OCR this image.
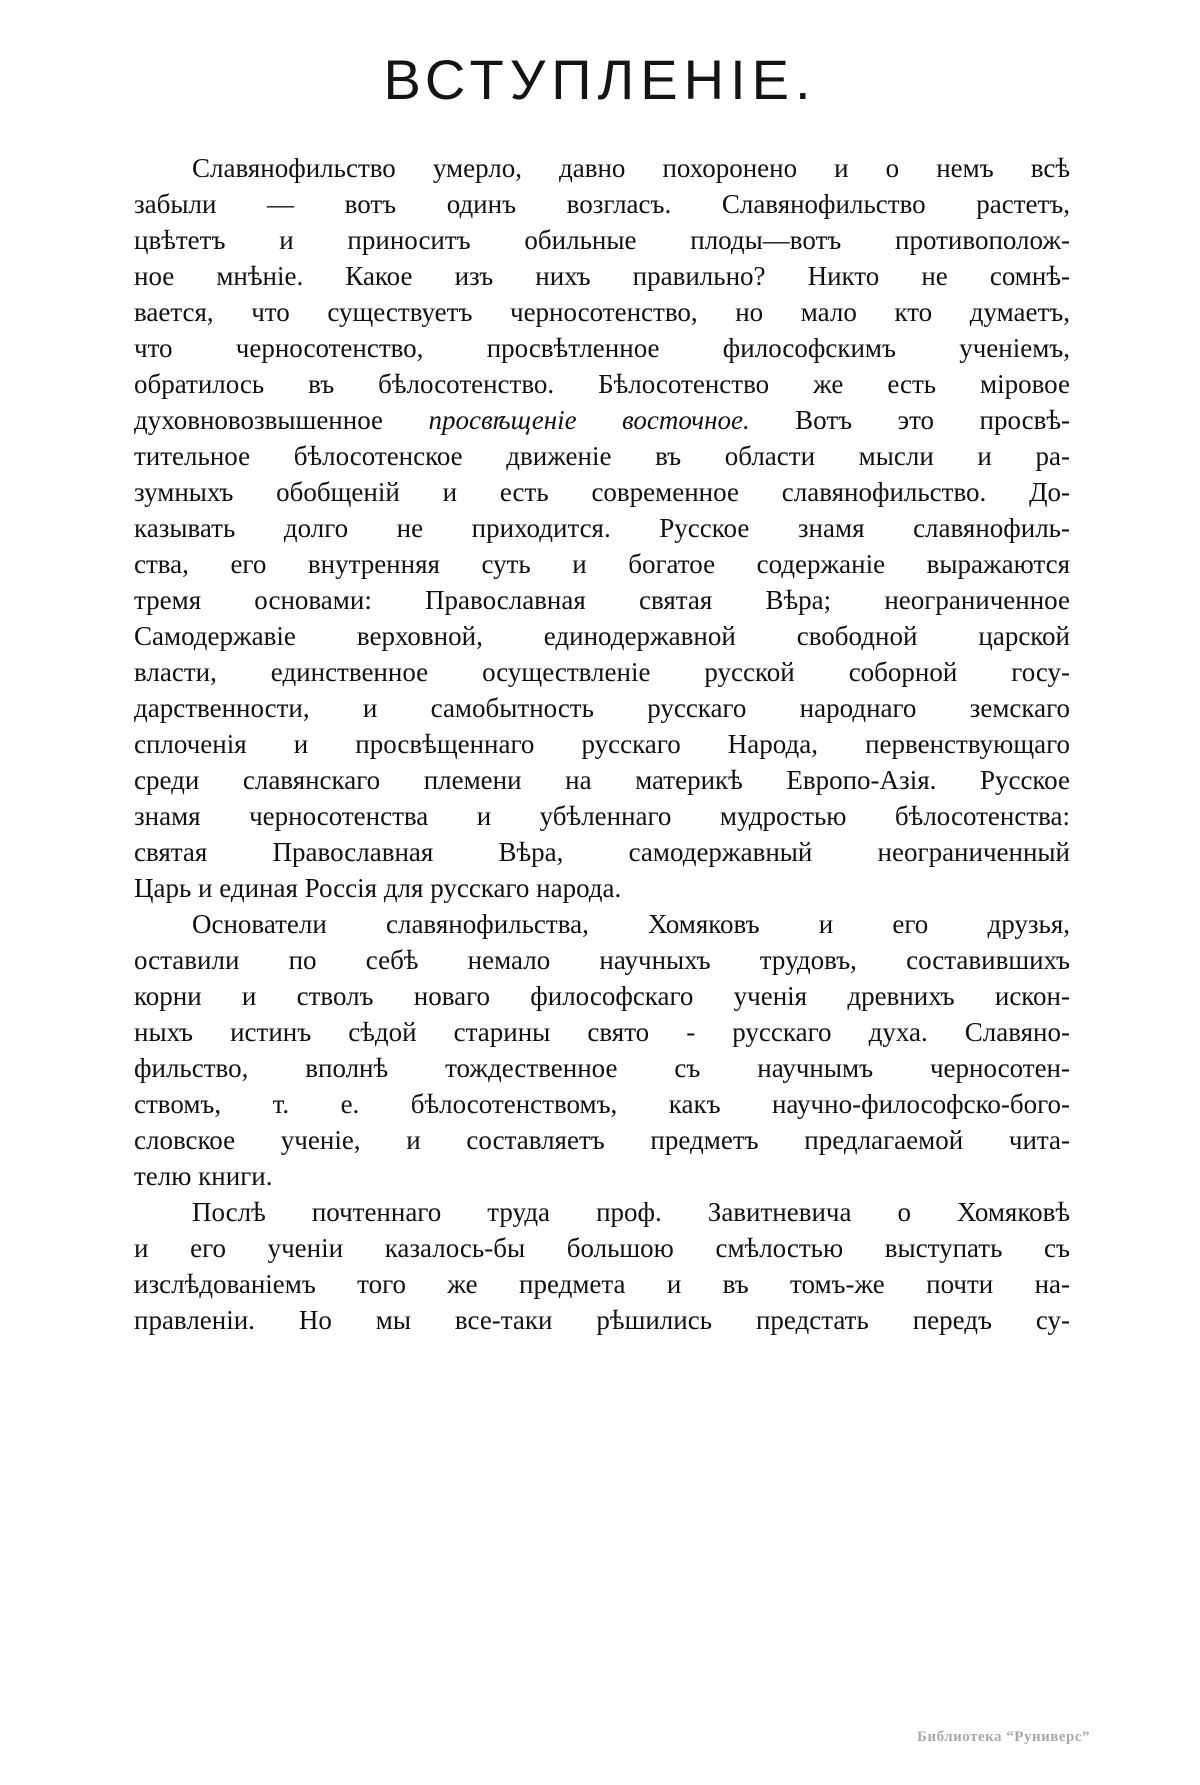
ВСТУПЛЕНІЕ.
Славянофильство умерло, давно похоронено и о немъ всѣ
забыли — вотъ одинъ возгласъ. Славянофильство растетъ,
цвѣтетъ и приноситъ обильные плоды—вотъ противополож-
ное мнѣніе. Какое изъ нихъ правильно? Никто не сомнѣ-
вается, что существуетъ черносотенство, но мало кто думаетъ,
что черносотенство, просвѣтленное философскимъ ученіемъ,
обратилось въ бѣлосотенство. Бѣлосотенство же есть міровое
духовновозвышенное просвѣщеніе восточное. Вотъ это просвѣ-
тительное бѣлосотенское движеніе въ области мысли и ра-
зумныхъ обобщеній и есть современное славянофильство. До-
казывать долго не приходится. Русское знамя славянофиль-
ства, его внутренняя суть и богатое содержаніе выражаются
тремя основами: Православная святая Вѣра; неограниченное
Самодержавіе верховной, единодержавной свободной царской
власти, единственное осуществленіе русской соборной госу-
дарственности, и самобытность русскаго народнаго земскаго
сплоченія и просвѣщеннаго русскаго Народа, первенствующаго
среди славянскаго племени на материкѣ Европо-Азія. Русское
знамя черносотенства и убѣленнаго мудростью бѣлосотенства:
святая Православная Вѣра, самодержавный неограниченный
Царь и единая Россія для русскаго народа.
Основатели славянофильства, Хомяковъ и его друзья,
оставили по себѣ немало научныхъ трудовъ, составившихъ
корни и стволъ новаго философскаго ученія древнихъ искон-
ныхъ истинъ сѣдой старины свято - русскаго духа. Славяно-
фильство, вполнѣ тождественное съ научнымъ черносотен-
ствомъ, т. е. бѣлосотенствомъ, какъ научно-философско-бого-
словское ученіе, и составляетъ предметъ предлагаемой чита-
телю книги.
Послѣ почтеннаго труда проф. Завитневича о Хомяковѣ
и его ученіи казалось-бы большою смѣлостью выступать съ
изслѣдованіемъ того же предмета и въ томъ-же почти на-
правленіи. Но мы все-таки рѣшились предстать передъ су-
Библиотека “Руниверс”
